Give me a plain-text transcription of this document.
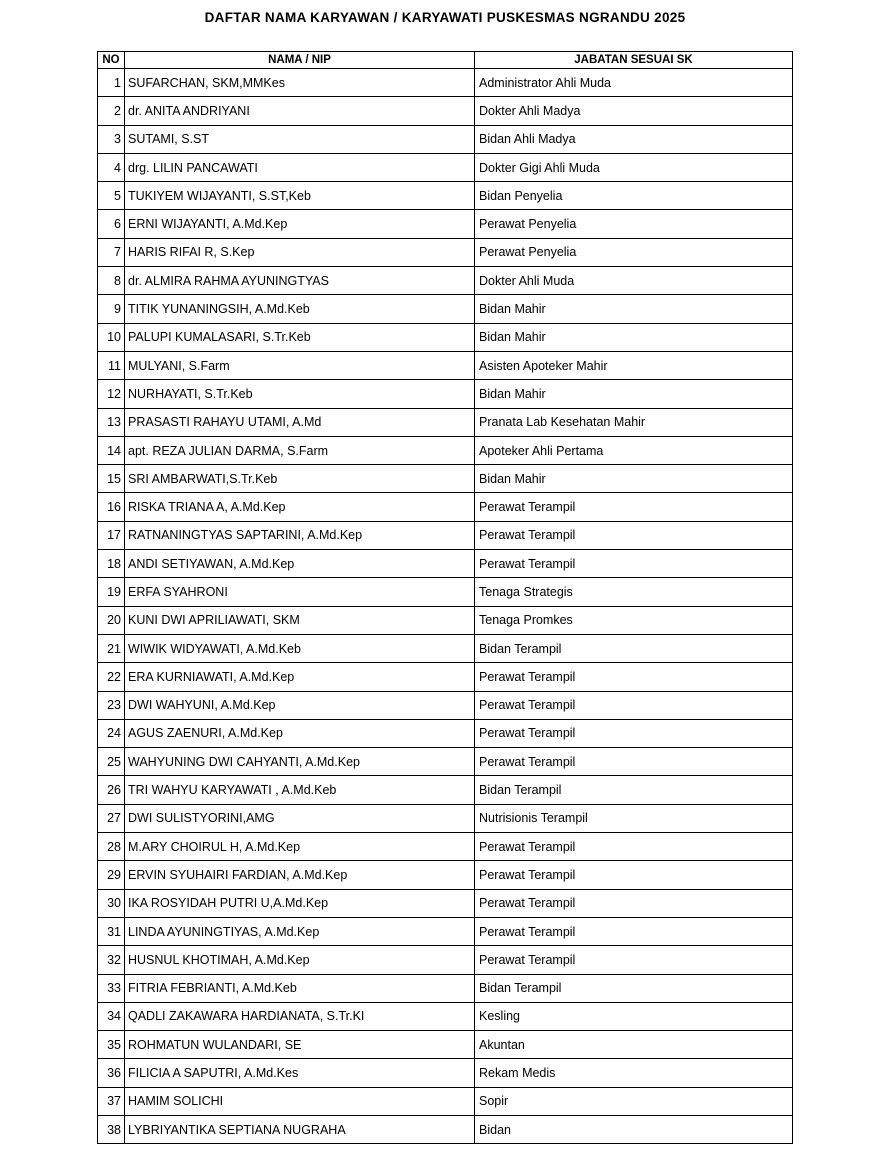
DAFTAR NAMA KARYAWAN / KARYAWATI PUSKESMAS NGRANDU 2025
NO	NAMA / NIP	JABATAN SESUAI SK
1	SUFARCHAN, SKM,MMKes	Administrator Ahli Muda
2	dr. ANITA ANDRIYANI	Dokter Ahli Madya
3	SUTAMI, S.ST	Bidan Ahli Madya
4	drg. LILIN PANCAWATI	Dokter Gigi Ahli Muda
5	TUKIYEM WIJAYANTI, S.ST,Keb	Bidan Penyelia
6	ERNI WIJAYANTI, A.Md.Kep	Perawat Penyelia
7	HARIS RIFAI R, S.Kep	Perawat Penyelia
8	dr. ALMIRA RAHMA AYUNINGTYAS	Dokter Ahli Muda
9	TITIK YUNANINGSIH, A.Md.Keb	Bidan Mahir
10	PALUPI KUMALASARI, S.Tr.Keb	Bidan Mahir
11	MULYANI, S.Farm	Asisten Apoteker Mahir
12	NURHAYATI, S.Tr.Keb	Bidan Mahir
13	PRASASTI RAHAYU UTAMI, A.Md	Pranata Lab Kesehatan Mahir
14	apt. REZA JULIAN DARMA, S.Farm	Apoteker Ahli Pertama
15	SRI AMBARWATI,S.Tr.Keb	Bidan Mahir
16	RISKA TRIANA A, A.Md.Kep	Perawat Terampil
17	RATNANINGTYAS SAPTARINI, A.Md.Kep	Perawat Terampil
18	ANDI SETIYAWAN, A.Md.Kep	Perawat Terampil
19	ERFA SYAHRONI	Tenaga Strategis
20	KUNI DWI APRILIAWATI, SKM	Tenaga Promkes
21	WIWIK WIDYAWATI, A.Md.Keb	Bidan Terampil
22	ERA KURNIAWATI, A.Md.Kep	Perawat Terampil
23	DWI WAHYUNI, A.Md.Kep	Perawat Terampil
24	AGUS ZAENURI, A.Md.Kep	Perawat Terampil
25	WAHYUNING DWI CAHYANTI, A.Md.Kep	Perawat Terampil
26	TRI WAHYU KARYAWATI , A.Md.Keb	Bidan Terampil
27	DWI SULISTYORINI,AMG	Nutrisionis Terampil
28	M.ARY CHOIRUL H, A.Md.Kep	Perawat Terampil
29	ERVIN SYUHAIRI FARDIAN, A.Md.Kep	Perawat Terampil
30	IKA ROSYIDAH PUTRI U,A.Md.Kep	Perawat Terampil
31	LINDA AYUNINGTIYAS, A.Md.Kep	Perawat Terampil
32	HUSNUL KHOTIMAH, A.Md.Kep	Perawat Terampil
33	FITRIA FEBRIANTI, A.Md.Keb	Bidan Terampil
34	QADLI ZAKAWARA HARDIANATA, S.Tr.KI	Kesling
35	ROHMATUN WULANDARI, SE	Akuntan
36	FILICIA A SAPUTRI, A.Md.Kes	Rekam Medis
37	HAMIM SOLICHI	Sopir
38	LYBRIYANTIKA SEPTIANA NUGRAHA	Bidan
